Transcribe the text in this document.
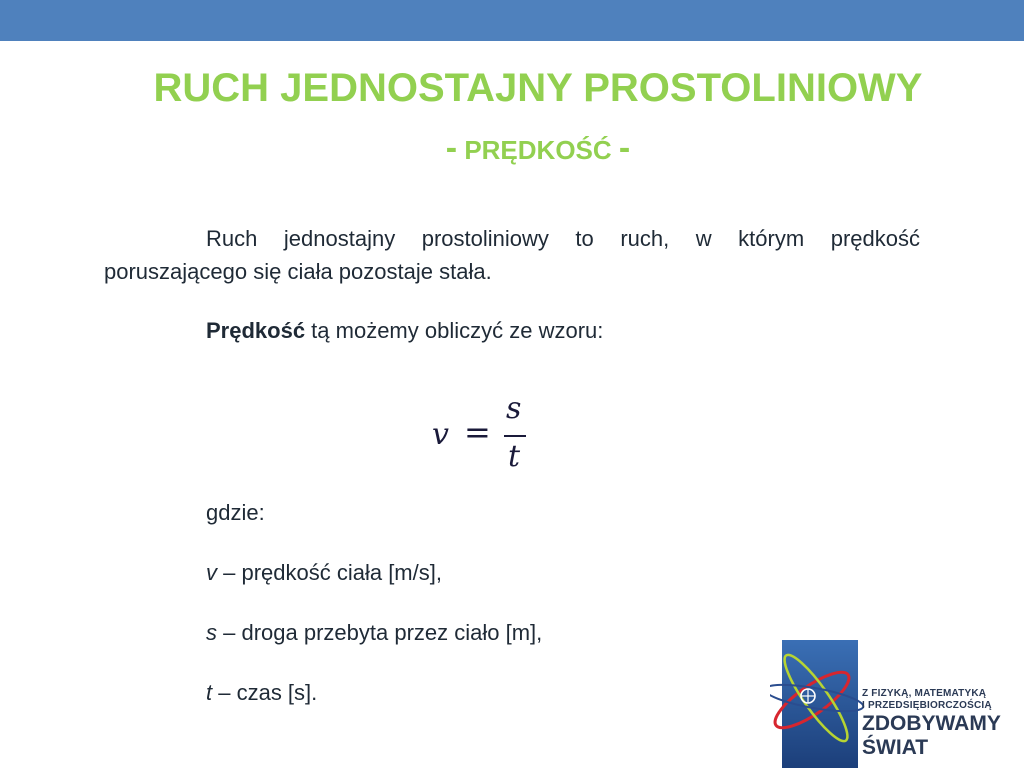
RUCH JEDNOSTAJNY PROSTOLINIOWY
- PRĘDKOŚĆ -
Ruch jednostajny prostoliniowy to ruch, w którym prędkość poruszającego się ciała pozostaje stała.
Prędkość tą możemy obliczyć ze wzoru:
v =
s
t
gdzie:
v – prędkość ciała [m/s],
s – droga przebyta przez ciało [m],
t – czas [s].	Z FIZYKĄ, MATEMATYKĄ
I PRZEDSIĘBIORCZOŚCIĄ
ZDOBYWAMY
ŚWIAT
